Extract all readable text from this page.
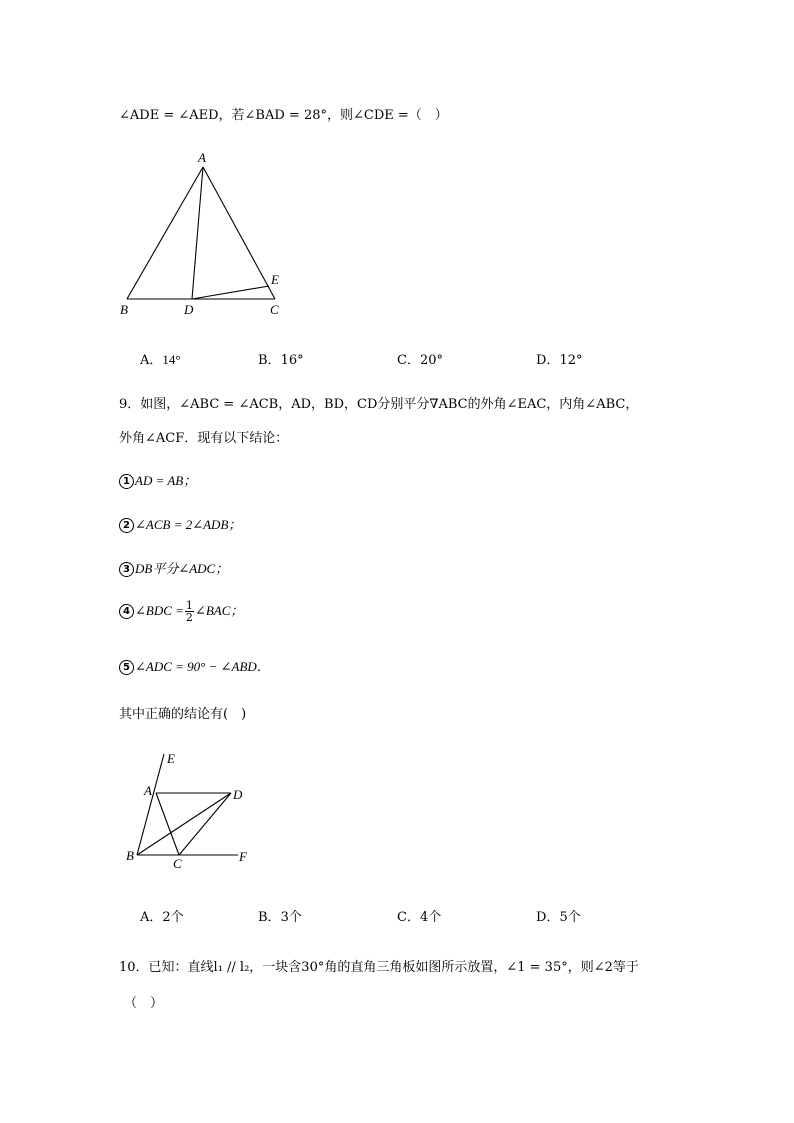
∠ADE = ∠AED，若∠BAD = 28°，则∠CDE =（　）
A
B	D	C
E
A．14°	B．16°	C．20°	D．12°
9．如图，∠ABC = ∠ACB，AD，BD，CD分别平分∇ABC的外角∠EAC，内角∠ABC，
外角∠ACF．现有以下结论：
1 AD = AB；
2 ∠ACB = 2∠ADB；
3 DB平分∠ADC；
4 ∠BDC = $\frac{1}{2}$ ∠BAC；
5 ∠ADC = 90° − ∠ABD．
其中正确的结论有(　)
E
A	D
B
C	F
A．2个	B．3个	C．4个	D．5个
10．已知：直线l₁ // l₂，一块含30°角的直角三角板如图所示放置，∠1 = 35°，则∠2等于
（　）
